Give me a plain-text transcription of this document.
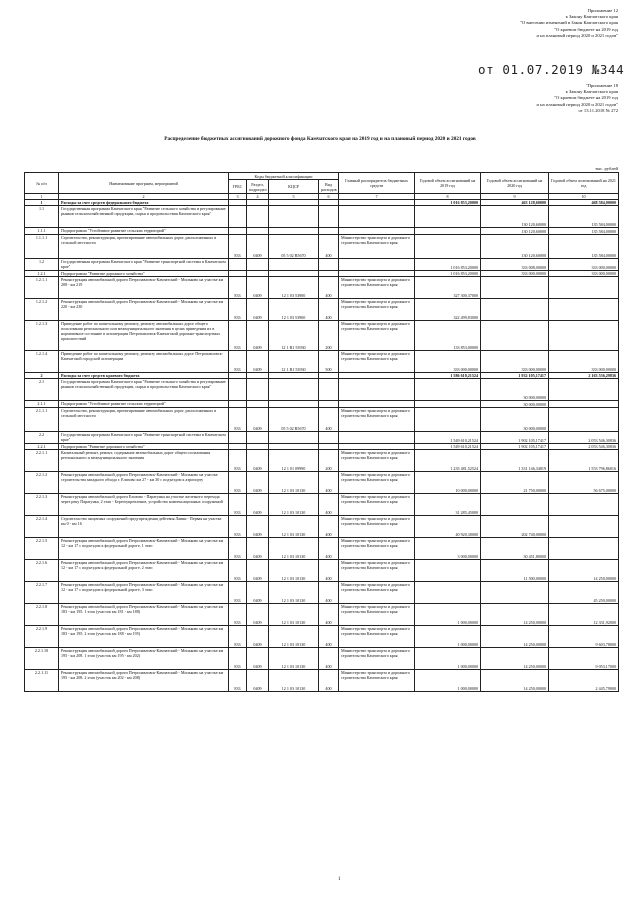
Приложение 12
к Закону Камчатского края
"О внесении изменений в Закон Камчатского края
"О краевом бюджете на 2019 год
и на плановый период 2020 и 2021 годов"
от 01.07.2019 №344
"Приложение 18
к Закону Камчатского края
"О краевом бюджете на 2019 год
и на плановый период 2020 и 2021 годов"
от 13.11.2018 № 272
Распределение бюджетных ассигнований дорожного фонда Камчатского края на 2019 год и на плановый период 2020 и 2021 годов
тыс. рублей
№ п/п	Наименование программ, мероприятий	Коды бюджетной классификации				Главный распорядитель бюджетных средств	Годовой объем ассигнований на 2019 год	Годовой объем ассигнований на 2020 год	Годовой объем ассигнований на 2021 год
		ГРБС	Раздел, подраздел	КЦСР	Вид расходов				
1	2	3	4	5	6	7	8	9	10
1	Расходы за счет средств федерального бюджета						1 016 853,20000	463 128,60000	468 584,00000
1.1	Государственная программа Камчатского края "Развитие сельского хозяйства и регулирование рынков сельскохозяйственной продукции, сырья и продовольствия Камчатского края"							130 120,60000	135 584,00000
1.1.1	Подпрограмма "Устойчивое развитие сельских территорий"							130 120,60000	135 584,00000
1.1.1.1	Строительство, реконструкция, проектирование автомобильных дорог, расположенных в сельской местности	833	0409	05 5 02 R5670	400	Министерство транспорта и дорожного строительства Камчатского края		130 120,60000	135 584,00000
1.2	Государственная программа Камчатского края "Развитие транспортной системы в Камчатском крае"						1 016 853,20000	333 008,00000	333 000,00000
1.2.1	Подпрограмма "Развитие дорожного хозяйства"						1 016 853,20000	333 000,00000	333 000,00000
1.2.1.1	Реконструкция автомобильной дороги Петропавловск-Камчатский - Мильково на участке км 208 - км 219	833	0409	12 1 03 53900	400	Министерство транспорта и дорожного строительства Камчатского края	327 300,37000		
1.2.1.2	Реконструкция автомобильной дороги Петропавловск-Камчатский - Мильково на участке км 220 - км 230	833	0409	12 1 03 53900	400	Министерство транспорта и дорожного строительства Камчатского края	322 499,83000		
1.2.1.3	Приведение работ по капитальному ремонту, ремонту автомобильных дорог общего пользования регионального или межмуниципального значения в целях приведения их в нормативное состояние в агломерации Петропавловск-Камчатский дорожно-транспортных происшествий	833	0409	12 1 R1 53930	200	Министерство транспорта и дорожного строительства Камчатского края	133 853,00000		
1.2.1.4	Приведение работ по капитальному ремонту, ремонту автомобильных дорог Петропавловск-Камчатской городской агломерации	833	0409	12 1 R1 53930	500	Министерство транспорта и дорожного строительства Камчатского края	333 000,00000	333 000,00000	333 000,00000
2	Расходы за счет средств краевого бюджета						1 586 610,21524	1 932 105,17417	2 163 536,29836
2.1	Государственная программа Камчатского края "Развитие сельского хозяйства и регулирование рынков сельскохозяйственной продукции, сырья и продовольствия Камчатского края"							30 000,00000	
2.1.1	Подпрограмма "Устойчивое развитие сельских территорий"							30 000,00000	
2.1.1.1	Строительство, реконструкция, проектирование автомобильных дорог, расположенных в сельской местности	833	0409	05 5 02 R5670	400	Министерство транспорта и дорожного строительства Камчатского края		30 000,00000	
2.2	Государственная программа Камчатского края "Развитие транспортной системы в Камчатском крае"						1 549 610,21524	1 902 105,17417	2 053 546,30836
2.2.1	Подпрограмма "Развитие дорожного хозяйства"						1 549 610,21524	1 902 105,17417	2 053 546,30836
2.2.1.1	Капитальный ремонт, ремонт, содержание автомобильных дорог общего пользования регионального и межмуниципального значения	833	0409	12 1 01 09990	200	Министерство транспорта и дорожного строительства Камчатского края	1 235 481,52524	1 331 146,34819	1 553 796,86016
2.2.1.2	Реконструкция автомобильной дороги Петропавловск-Камчатский - Мильково на участке строительства западного обхода г. Елизово км 27 - км 30 с подъездом к аэропорту	833	0409	12 1 03 10130	400	Министерство транспорта и дорожного строительства Камчатского края	10 000,00000	21 750,00000	56 675,00000
2.2.1.3	Реконструкция автомобильной дороги Елизово - Паратунка на участке железного перехода через реку Паратунка, 2 этап - Берегоукрепление, устройство компенсационных сооружений	833	0409	12 1 03 10130	400	Министерство транспорта и дорожного строительства Камчатского края	31 285,45000		
2.2.1.4	Строительство защитных сооружений предупреждения действия Лавин - Первая на участке км 0 - км 16	833	0409	12 1 03 10130	400	Министерство транспорта и дорожного строительства Камчатского края	40 920,30000	202 740,00000	
2.2.1.5	Реконструкция автомобильной дороги Петропавловск-Камчатский - Мильково на участке км 12 - км 17 с подъездом к федеральной дороге, 1 этап	833	0409	12 1 03 10130	400	Министерство транспорта и дорожного строительства Камчатского края	3 000,00000	30 451,80000	
2.2.1.6	Реконструкция автомобильной дороги Петропавловск-Камчатский - Мильково на участке км 12 - км 17 с подъездом к федеральной дороге, 2 этап	833	0409	12 1 03 10130	400	Министерство транспорта и дорожного строительства Камчатского края		11 500,00000	14 250,00000
2.2.1.7	Реконструкция автомобильной дороги Петропавловск-Камчатский - Мильково на участке км 12 - км 17 с подъездом к федеральной дороге, 3 этап	833	0409	12 1 03 10130	400	Министерство транспорта и дорожного строительства Камчатского края			45 250,00000
2.2.1.8	Реконструкция автомобильной дороги Петропавловск-Камчатский - Мильково на участке км 183 - км 195. 1 этап (участок км 181 - км 188)	833	0409	12 1 03 10130	400	Министерство транспорта и дорожного строительства Камчатского края	1 000,00000	14 250,00000	12 331,92000
2.2.1.9	Реконструкция автомобильной дороги Петропавловск-Камчатский - Мильково на участке км 183 - км 195. 2 этап (участок км 188 - км 195)	833	0409	12 1 03 10130	400	Министерство транспорта и дорожного строительства Камчатского края	1 000,00000	14 250,00000	9 603,78000
2.2.1.10	Реконструкция автомобильной дороги Петропавловск-Камчатский - Мильково на участке км 195 - км 208. 1 этап (участок км 195 - км 202)	833	0409	12 1 03 10130	400	Министерство транспорта и дорожного строительства Камчатского края	1 000,00000	14 250,00000	9 053,17000
2.2.1.11	Реконструкция автомобильной дороги Петропавловск-Камчатский - Мильково на участке км 195 - км 208. 2 этап (участок км 202 - км 208)	833	0409	12 1 03 10130	400	Министерство транспорта и дорожного строительства Камчатского края	1 000,00000	14 250,00000	2 445,79000
1
